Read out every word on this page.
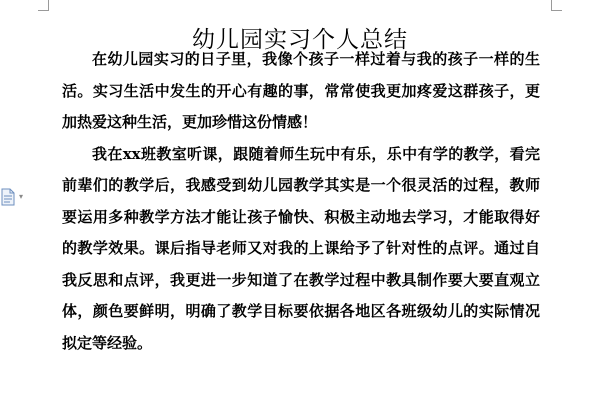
幼儿园实习个人总结

在幼儿园实习的日子里，我像个孩子一样过着与我的孩子一样的生活。实习生活中发生的开心有趣的事，常常使我更加疼爱这群孩子，更加热爱这种生活，更加珍惜这份情感！

我在xx班教室听课，跟随着师生玩中有乐，乐中有学的教学，看完前辈们的教学后，我感受到幼儿园教学其实是一个很灵活的过程，教师要运用多种教学方法才能让孩子愉快、积极主动地去学习，才能取得好的教学效果。课后指导老师又对我的上课给予了针对性的点评。通过自我反思和点评，我更进一步知道了在教学过程中教具制作要大要直观立体，颜色要鲜明，明确了教学目标要依据各地区各班级幼儿的实际情况拟定等经验。

▾
